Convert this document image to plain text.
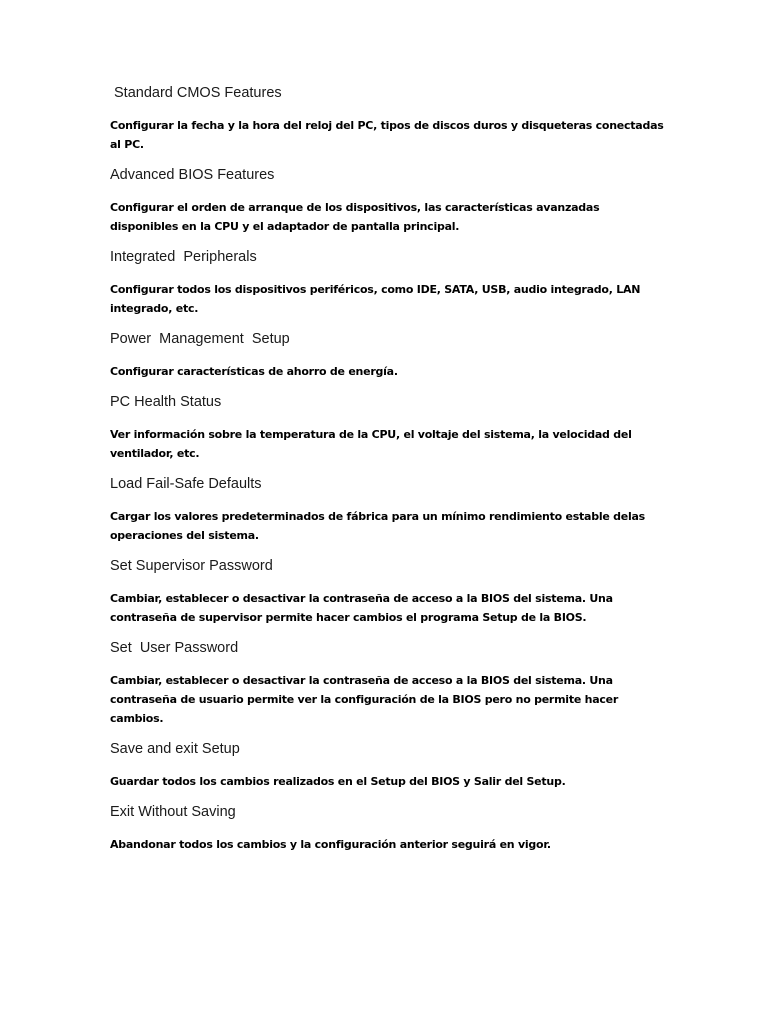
Standard CMOS Features
Configurar la fecha y la hora del reloj del PC, tipos de discos duros y disqueteras conectadas al PC.
Advanced BIOS Features
Configurar el orden de arranque de los dispositivos, las características avanzadas disponibles en la CPU y el adaptador de pantalla principal.
Integrated  Peripherals
Configurar todos los dispositivos periféricos, como IDE, SATA, USB, audio integrado, LAN integrado, etc.
Power  Management  Setup
Configurar características de ahorro de energía.
PC Health Status
Ver información sobre la temperatura de la CPU, el voltaje del sistema, la velocidad del ventilador, etc.
Load Fail-Safe Defaults
Cargar los valores predeterminados de fábrica para un mínimo rendimiento estable delas operaciones del sistema.
Set Supervisor Password
Cambiar, establecer o desactivar la contraseña de acceso a la BIOS del sistema. Una contraseña de supervisor permite hacer cambios el programa Setup de la BIOS.
Set  User Password
Cambiar, establecer o desactivar la contraseña de acceso a la BIOS del sistema. Una contraseña de usuario permite ver la configuración de la BIOS pero no permite hacer cambios.
Save and exit Setup
Guardar todos los cambios realizados en el Setup del BIOS y Salir del Setup.
Exit Without Saving
Abandonar todos los cambios y la configuración anterior seguirá en vigor.
